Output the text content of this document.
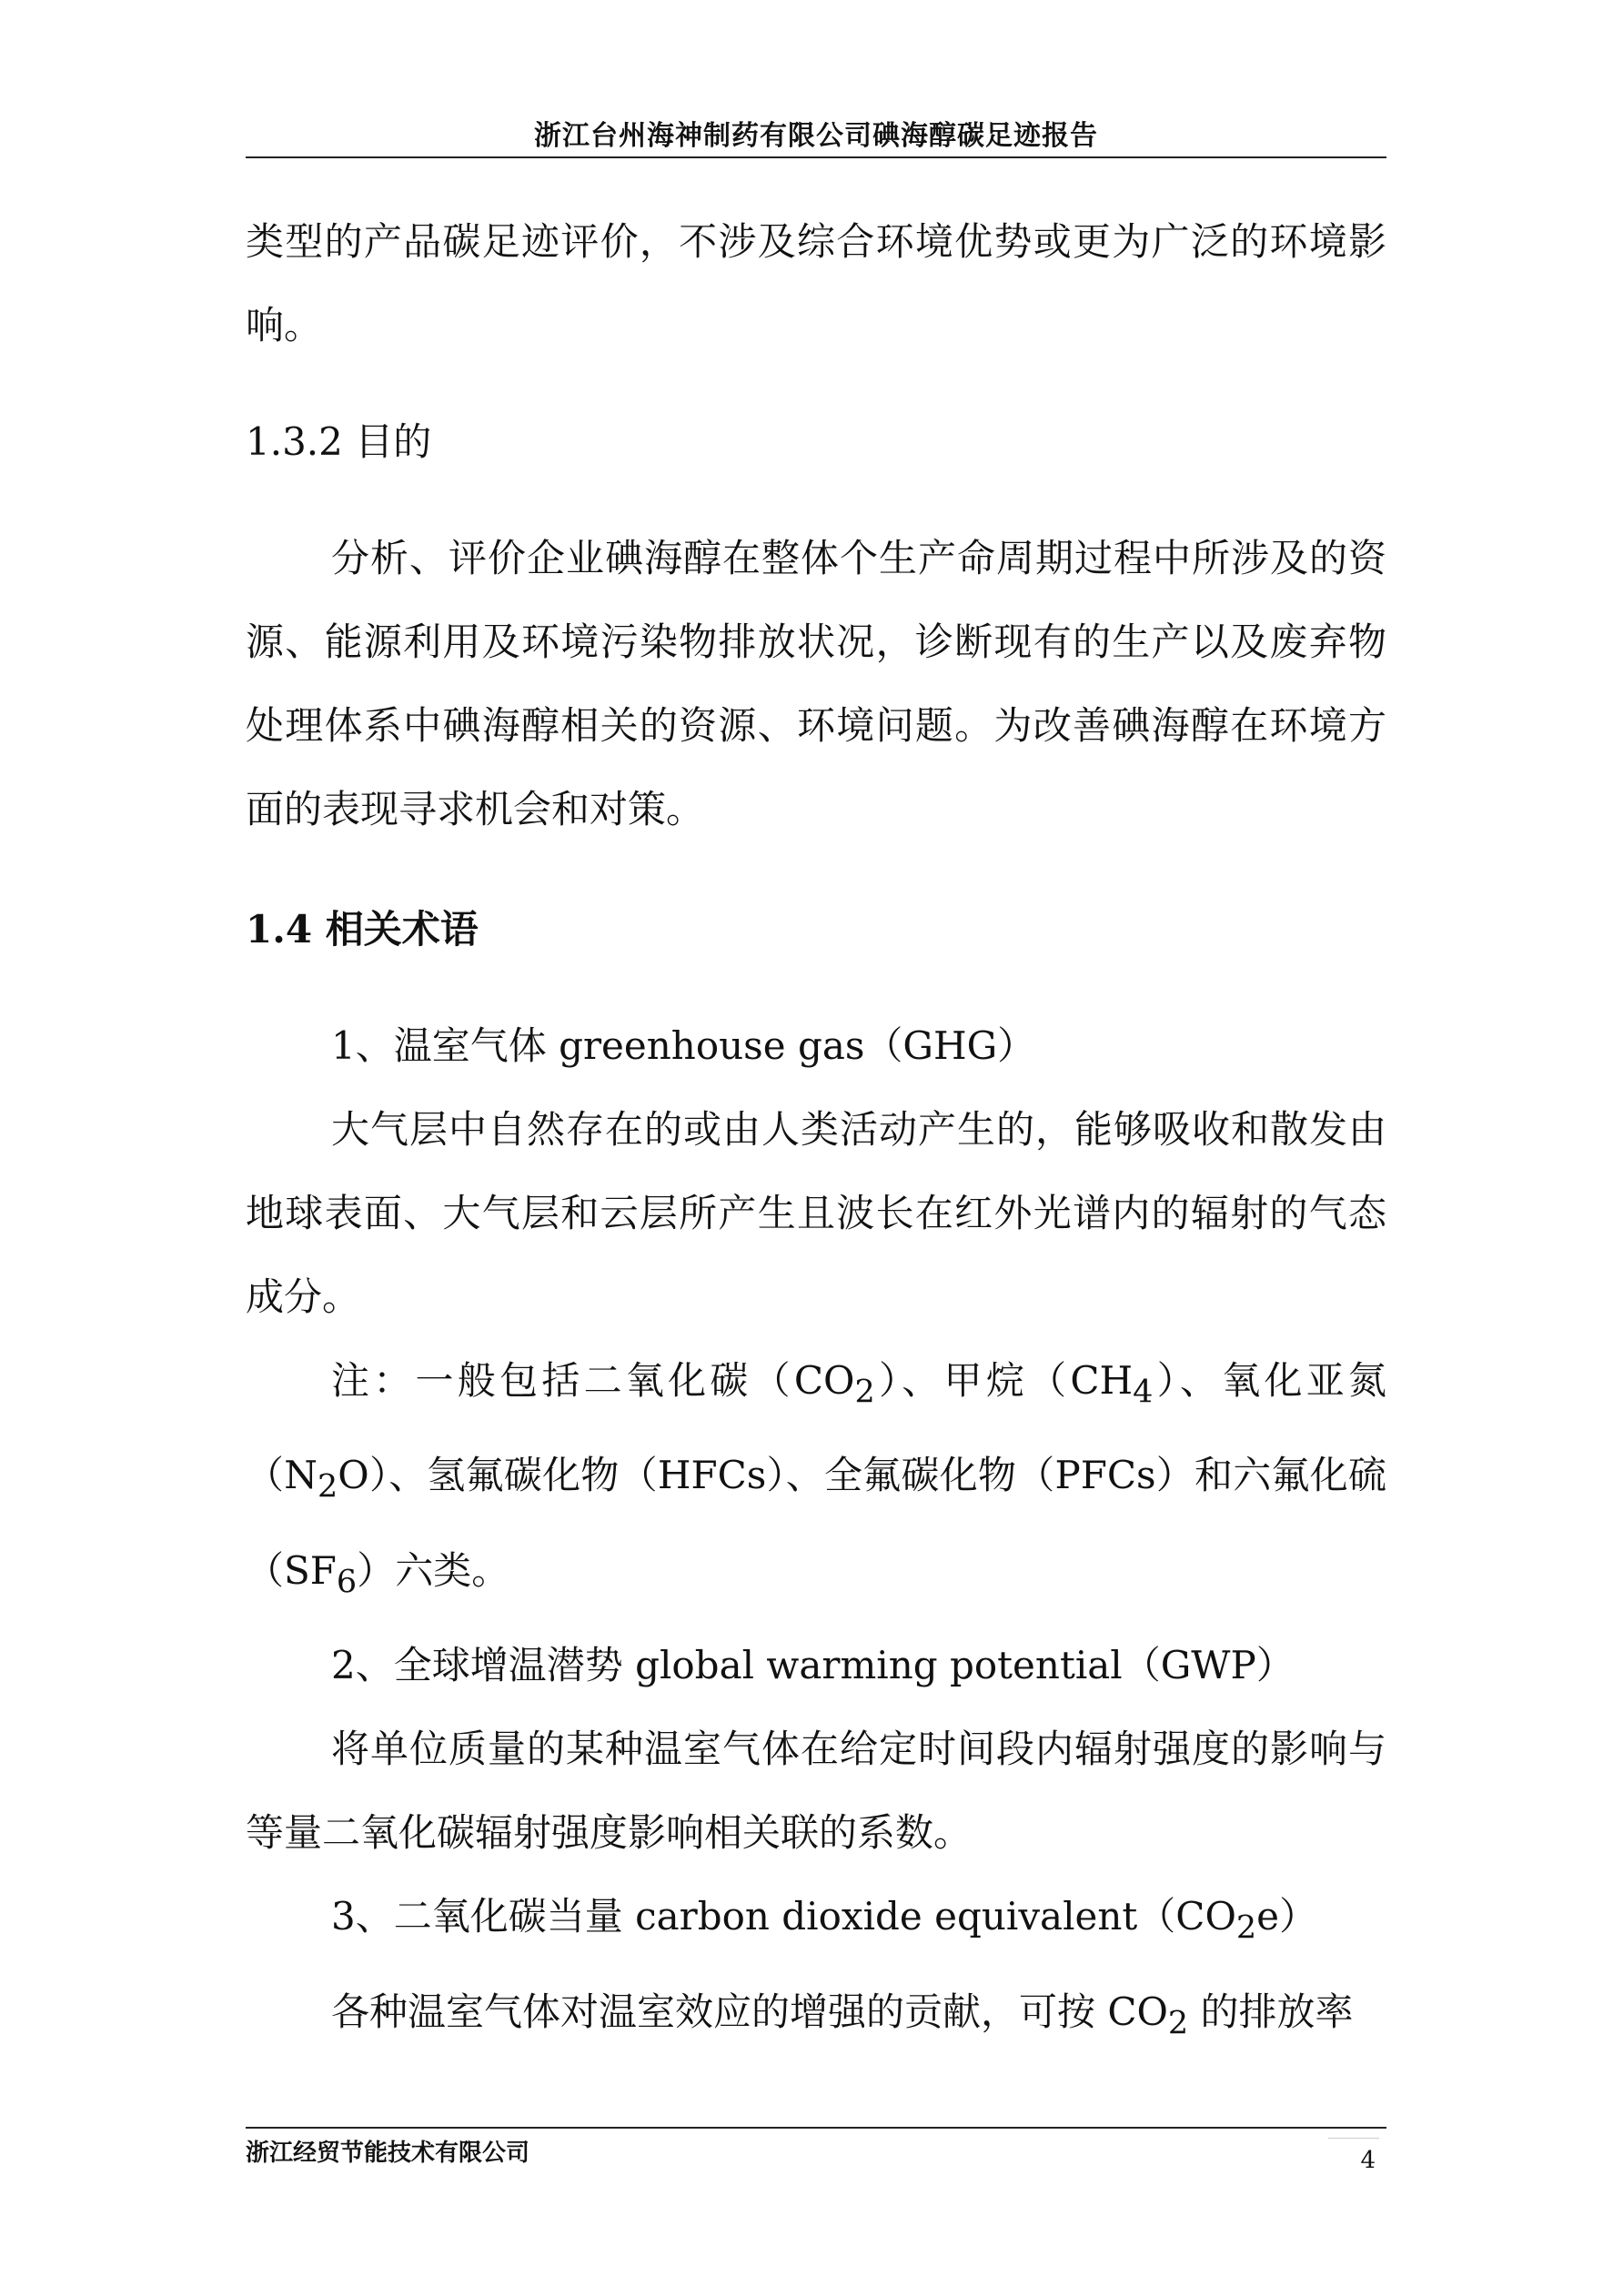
浙江台州海神制药有限公司碘海醇碳足迹报告

类型的产品碳足迹评价，不涉及综合环境优势或更为广泛的环境影响。

1.3.2 目的

分析、评价企业碘海醇在整体个生产命周期过程中所涉及的资源、能源利用及环境污染物排放状况，诊断现有的生产以及废弃物处理体系中碘海醇相关的资源、环境问题。为改善碘海醇在环境方面的表现寻求机会和对策。

1.4 相关术语

1、温室气体 greenhouse gas（GHG）

大气层中自然存在的或由人类活动产生的，能够吸收和散发由地球表面、大气层和云层所产生且波长在红外光谱内的辐射的气态成分。

注：一般包括二氧化碳$(CO_2)$、甲烷$(CH_4)$、氧化亚氮$(N_2O)$、氢氟碳化物（HFCs）、全氟碳化物（PFCs）和六氟化硫$(SF_6)$六类。

2、全球增温潜势 global warming potential（GWP）

将单位质量的某种温室气体在给定时间段内辐射强度的影响与等量二氧化碳辐射强度影响相关联的系数。

3、二氧化碳当量 carbon dioxide $equivalent(CO_2e)$

各种温室气体对温室效应的增强的贡献，可按 $CO_2$ 的排放率

浙江经贸节能技术有限公司	4
